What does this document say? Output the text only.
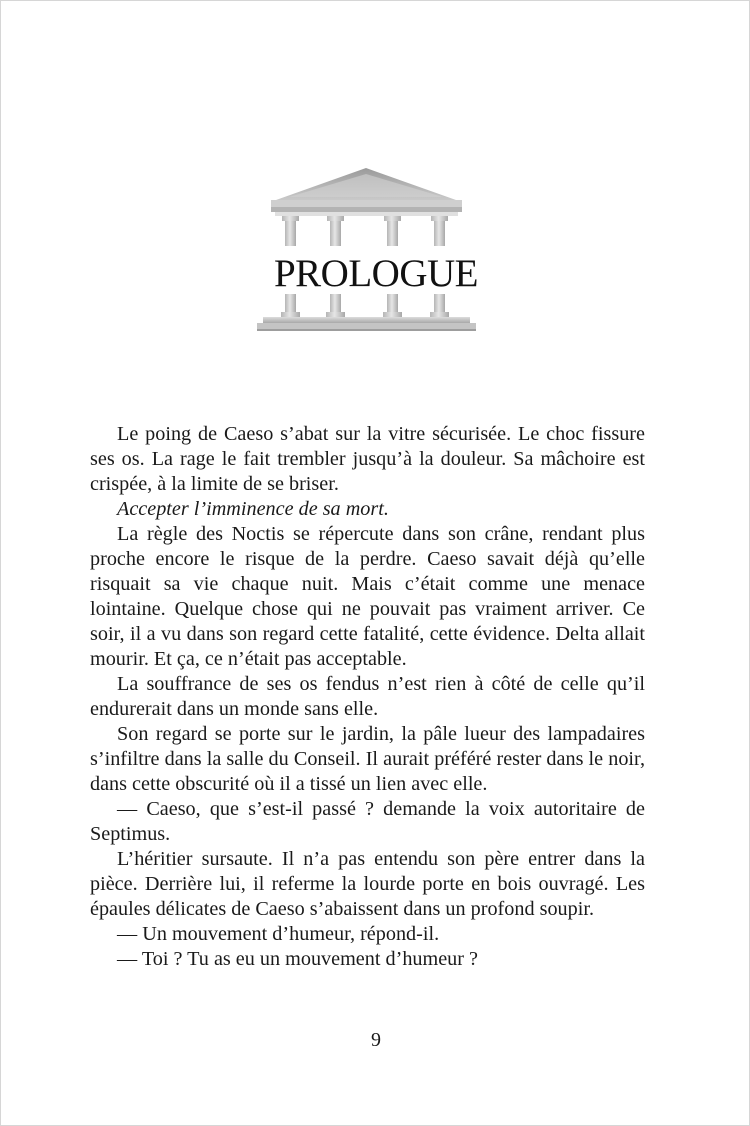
PROLOGUE

Le poing de Caeso s’abat sur la vitre sécurisée. Le choc fissure ses os. La rage le fait trembler jusqu’à la douleur. Sa mâchoire est crispée, à la limite de se briser.

Accepter l’imminence de sa mort.

La règle des Noctis se répercute dans son crâne, rendant plus proche encore le risque de la perdre. Caeso savait déjà qu’elle risquait sa vie chaque nuit. Mais c’était comme une menace lointaine. Quelque chose qui ne pouvait pas vraiment arriver. Ce soir, il a vu dans son regard cette fatalité, cette évidence. Delta allait mourir. Et ça, ce n’était pas acceptable.

La souffrance de ses os fendus n’est rien à côté de celle qu’il endurerait dans un monde sans elle.

Son regard se porte sur le jardin, la pâle lueur des lampadaires s’infiltre dans la salle du Conseil. Il aurait préféré rester dans le noir, dans cette obscurité où il a tissé un lien avec elle.

— Caeso, que s’est-il passé ? demande la voix autoritaire de Septimus.

L’héritier sursaute. Il n’a pas entendu son père entrer dans la pièce. Derrière lui, il referme la lourde porte en bois ouvragé. Les épaules délicates de Caeso s’abaissent dans un profond soupir.

— Un mouvement d’humeur, répond-il.

— Toi ? Tu as eu un mouvement d’humeur ?

9
